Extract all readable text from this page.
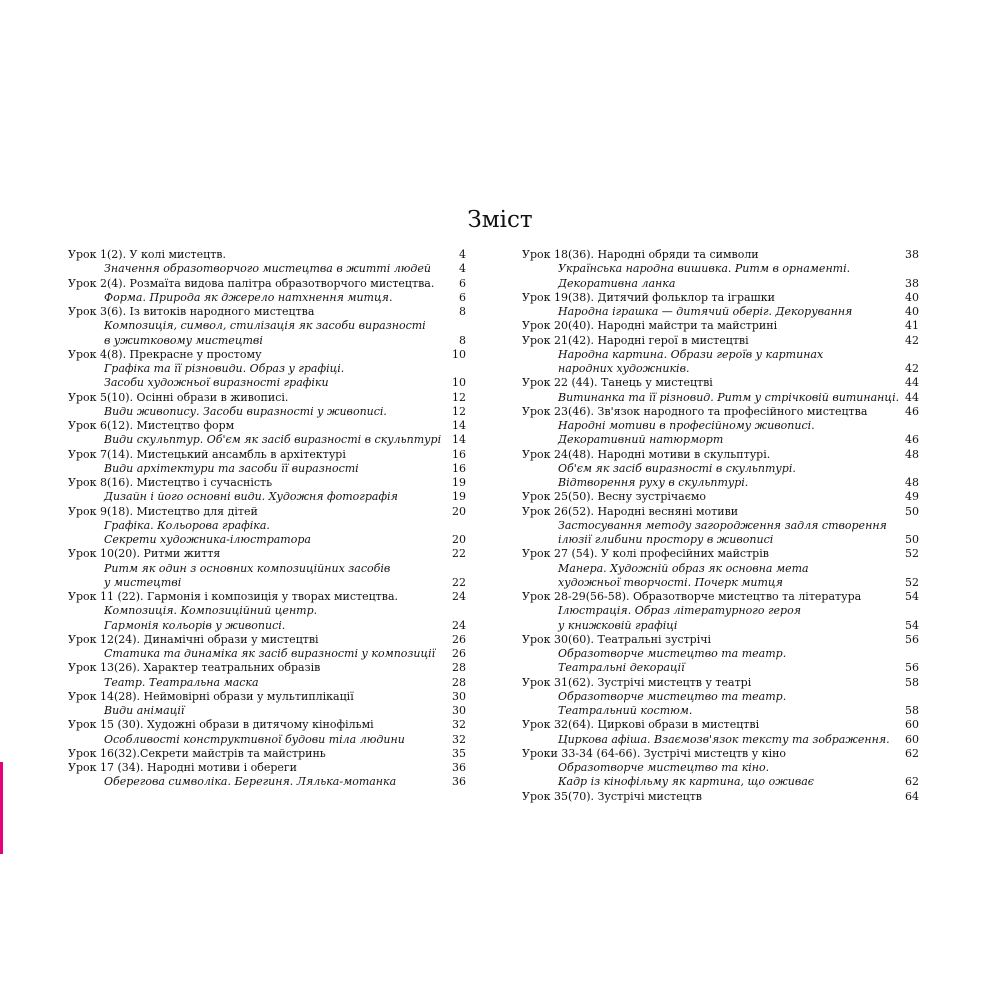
Зміст
Урок 1(2). У колі мистецтв.	4
Значення образотворчого мистецтва в житті людей	4
Урок 2(4). Розмаїта видова палітра образотворчого мистецтва. 6
Форма. Природа як джерело натхнення митця.	6
Урок 3(6). Із витоків народного мистецтва	8
Композиція, символ, стилізація як засоби виразності
в ужитковому мистецтві	8
Урок 4(8). Прекрасне у простому	10
Графіка та її різновиди. Образ у графіці.
Засоби художньої виразності графіки	10
Урок 5(10). Осінні образи в живописі.	12
Види живопису. Засоби виразності у живописі.	12
Урок 6(12). Мистецтво форм	14
Види скульптур. Об'єм як засіб виразності в скульптурі 14
Урок 7(14). Мистецький ансамбль в архітектурі	16
Види архітектури та засоби її виразності	16
Урок 8(16). Мистецтво і сучасність	19
Дизайн і його основні види. Художня фотографія	19
Урок 9(18). Мистецтво для дітей	20
Графіка. Кольорова графіка.
Секрети художника-ілюстратора	20
Урок 10(20). Ритми життя	22
Ритм як один з основних композиційних засобів
у мистецтві	22
Урок 11 (22). Гармонія і композиція у творах мистецтва.	24
Композиція. Композиційний центр.
Гармонія кольорів у живописі.	24
Урок 12(24). Динамічні образи у мистецтві	26
Статика та динаміка як засіб виразності у композиції 26
Урок 13(26). Характер театральних образів	28
Театр. Театральна маска	28
Урок 14(28). Неймовірні образи у мультиплікації	30
Види анімації	30
Урок 15 (30). Художні образи в дитячому кінофільмі	32
Особливості конструктивної будови тіла людини	32
Урок 16(32).Секрети майстрів та майстринь	35
Урок 17 (34). Народні мотиви і обереги	36
Оберегова символіка. Берегиня. Лялька-мотанка	36
Урок 18(36). Народні обряди та символи	38
Українська народна вишивка. Ритм в орнаменті.
Декоративна ланка	38
Урок 19(38). Дитячий фольклор та іграшки	40
Народна іграшка — дитячий оберіг. Декорування	40
Урок 20(40). Народні майстри та майстрині	41
Урок 21(42). Народні герої в мистецтві	42
Народна картина. Образи героїв у картинах
народних художників.	42
Урок 22 (44). Танець у мистецтві	44
Витинанка та її різновид. Ритм у стрічковій витинанці. 44
Урок 23(46). Зв'язок народного та професійного мистецтва	46
Народні мотиви в професійному живописі.
Декоративний натюрморт	46
Урок 24(48). Народні мотиви в скульптурі.	48
Об'єм як засіб виразності в скульптурі.
Відтворення руху в скульптурі.	48
Урок 25(50). Весну зустрічаємо	49
Урок 26(52). Народні весняні мотиви	50
Застосування методу загородження задля створення
ілюзії глибини простору в живописі	50
Урок 27 (54). У колі професійних майстрів	52
Манера. Художній образ як основна мета
художньої творчості. Почерк митця	52
Урок 28-29(56-58). Образотворче мистецтво та література	54
Ілюстрація. Образ літературного героя
у книжковій графіці	54
Урок 30(60). Театральні зустрічі	56
Образотворче мистецтво та театр.
Театральні декорації	56
Урок 31(62). Зустрічі мистецтв у театрі	58
Образотворче мистецтво та театр.
Театральний костюм.	58
Урок 32(64). Циркові образи в мистецтві	60
Циркова афіша. Взаємозв'язок тексту та зображення. 60
Уроки 33-34 (64-66). Зустрічі мистецтв у кіно	62
Образотворче мистецтво та кіно.
Кадр із кінофільму як картина, що оживає	62
Урок 35(70). Зустрічі мистецтв	64
